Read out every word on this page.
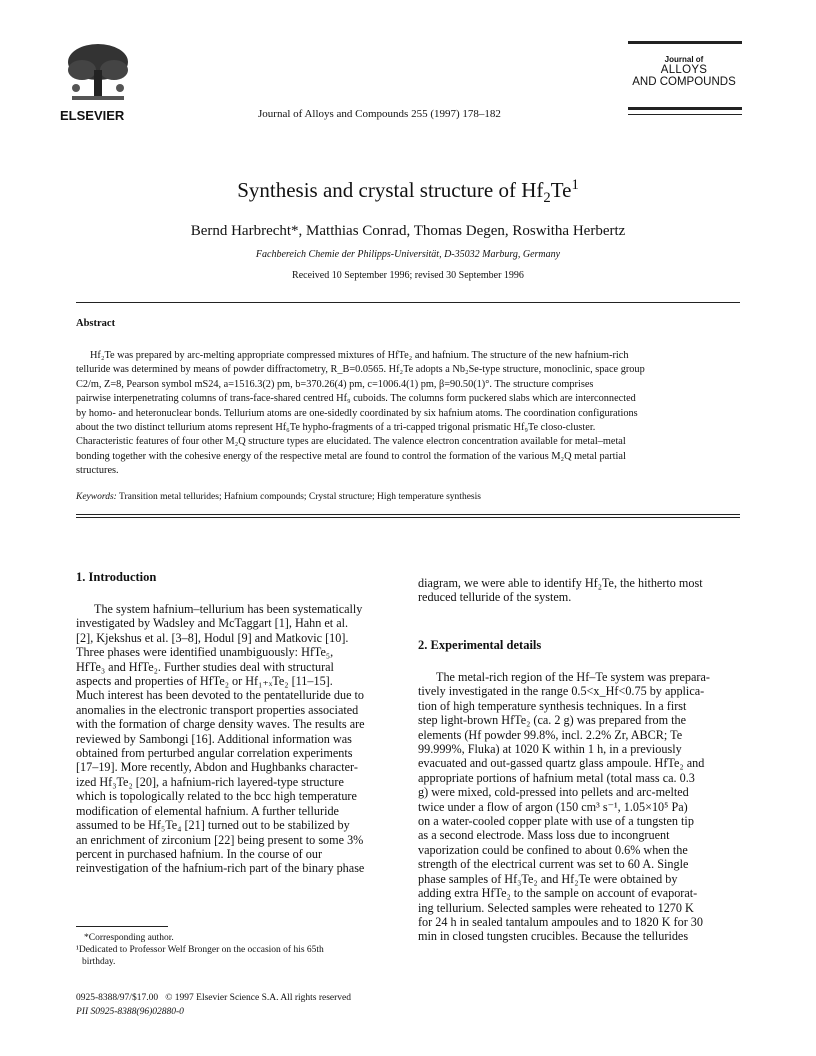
ELSEVIER	Journal of Alloys and Compounds 255 (1997) 178–182
Journal of
ALLOYS
AND COMPOUNDS
Synthesis and crystal structure of $Hf_2Te^1$
Bernd Harbrecht*, Matthias Conrad, Thomas Degen, Roswitha Herbertz
Fachbereich Chemie der Philipps-Universität, D-35032 Marburg, Germany
Received 10 September 1996; revised 30 September 1996
Abstract
Hf₂Te was prepared by arc-melting appropriate compressed mixtures of HfTe₂ and hafnium. The structure of the new hafnium-rich
telluride was determined by means of powder diffractometry, R_B=0.0565. Hf₂Te adopts a Nb₂Se-type structure, monoclinic, space group
C2/m, Z=8, Pearson symbol mS24, a=1516.3(2) pm, b=370.26(4) pm, c=1006.4(1) pm, β=90.50(1)°. The structure comprises
pairwise interpenetrating columns of trans-face-shared centred Hf₉ cuboids. The columns form puckered slabs which are interconnected
by homo- and heteronuclear bonds. Tellurium atoms are one-sidedly coordinated by six hafnium atoms. The coordination configurations
about the two distinct tellurium atoms represent Hf₆Te hypho-fragments of a tri-capped trigonal prismatic Hf₉Te closo-cluster.
Characteristic features of four other M₂Q structure types are elucidated. The valence electron concentration available for metal–metal
bonding together with the cohesive energy of the respective metal are found to control the formation of the various M₂Q metal partial
structures.
Keywords: Transition metal tellurides; Hafnium compounds; Crystal structure; High temperature synthesis
1. Introduction
The system hafnium–tellurium has been systematically
investigated by Wadsley and McTaggart [1], Hahn et al.
[2], Kjekshus et al. [3–8], Hodul [9] and Matkovic [10].
Three phases were identified unambiguously: HfTe₅,
HfTe₃ and HfTe₂. Further studies deal with structural
aspects and properties of HfTe₂ or Hf₁₊ₓTe₂ [11–15].
Much interest has been devoted to the pentatelluride due to
anomalies in the electronic transport properties associated
with the formation of charge density waves. The results are
reviewed by Sambongi [16]. Additional information was
obtained from perturbed angular correlation experiments
[17–19]. More recently, Abdon and Hughbanks character-
ized Hf₃Te₂ [20], a hafnium-rich layered-type structure
which is topologically related to the bcc high temperature
modification of elemental hafnium. A further telluride
assumed to be Hf₅Te₄ [21] turned out to be stabilized by
an enrichment of zirconium [22] being present to some 3%
percent in purchased hafnium. In the course of our
reinvestigation of the hafnium-rich part of the binary phase
*Corresponding author.
¹Dedicated to Professor Welf Bronger on the occasion of his 65th
birthday.
diagram, we were able to identify Hf₂Te, the hitherto most
reduced telluride of the system.
2. Experimental details
The metal-rich region of the Hf–Te system was prepara-
tively investigated in the range 0.5<x_Hf<0.75 by applica-
tion of high temperature synthesis techniques. In a first
step light-brown HfTe₂ (ca. 2 g) was prepared from the
elements (Hf powder 99.8%, incl. 2.2% Zr, ABCR; Te
99.999%, Fluka) at 1020 K within 1 h, in a previously
evacuated and out-gassed quartz glass ampoule. HfTe₂ and
appropriate portions of hafnium metal (total mass ca. 0.3
g) were mixed, cold-pressed into pellets and arc-melted
twice under a flow of argon (150 cm³ s⁻¹, 1.05×10⁵ Pa)
on a water-cooled copper plate with use of a tungsten tip
as a second electrode. Mass loss due to incongruent
vaporization could be confined to about 0.6% when the
strength of the electrical current was set to 60 A. Single
phase samples of Hf₃Te₂ and Hf₂Te were obtained by
adding extra HfTe₂ to the sample on account of evaporat-
ing tellurium. Selected samples were reheated to 1270 K
for 24 h in sealed tantalum ampoules and to 1820 K for 30
min in closed tungsten crucibles. Because the tellurides
0925-8388/97/$17.00   © 1997 Elsevier Science S.A. All rights reserved
PII S0925-8388(96)02880-0
